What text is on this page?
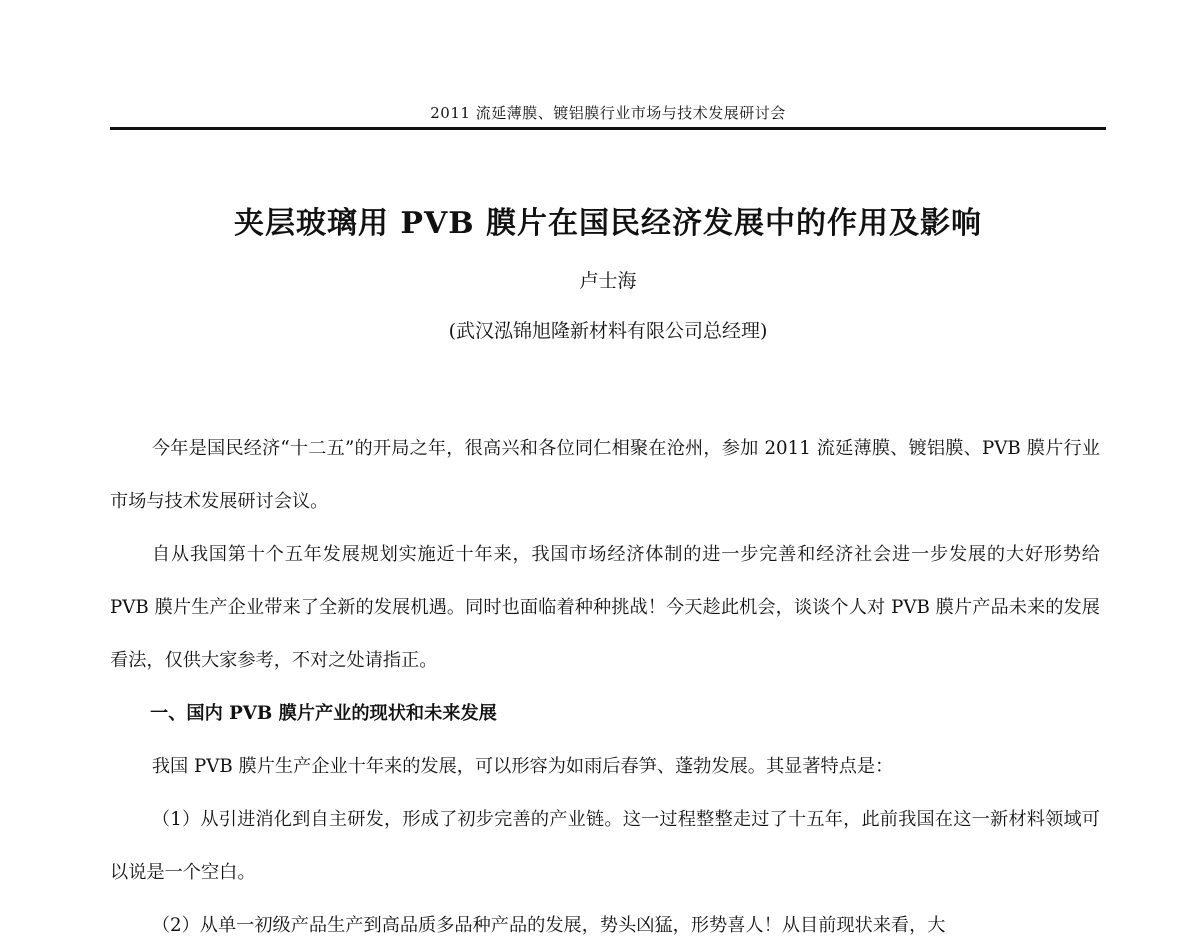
2011 流延薄膜、镀铝膜行业市场与技术发展研讨会
夹层玻璃用 PVB 膜片在国民经济发展中的作用及影响
卢士海
(武汉泓锦旭隆新材料有限公司总经理)

今年是国民经济“十二五”的开局之年，很高兴和各位同仁相聚在沧州，参加 2011 流延薄膜、镀铝膜、PVB 膜片行业市场与技术发展研讨会议。

自从我国第十个五年发展规划实施近十年来，我国市场经济体制的进一步完善和经济社会进一步发展的大好形势给 PVB 膜片生产企业带来了全新的发展机遇。同时也面临着种种挑战！今天趁此机会，谈谈个人对 PVB 膜片产品未来的发展看法，仅供大家参考，不对之处请指正。

一、国内 PVB 膜片产业的现状和未来发展

我国 PVB 膜片生产企业十年来的发展，可以形容为如雨后春笋、蓬勃发展。其显著特点是：

（1）从引进消化到自主研发，形成了初步完善的产业链。这一过程整整走过了十五年，此前我国在这一新材料领域可以说是一个空白。

（2）从单一初级产品生产到高品质多品种产品的发展，势头凶猛，形势喜人！从目前现状来看，大
